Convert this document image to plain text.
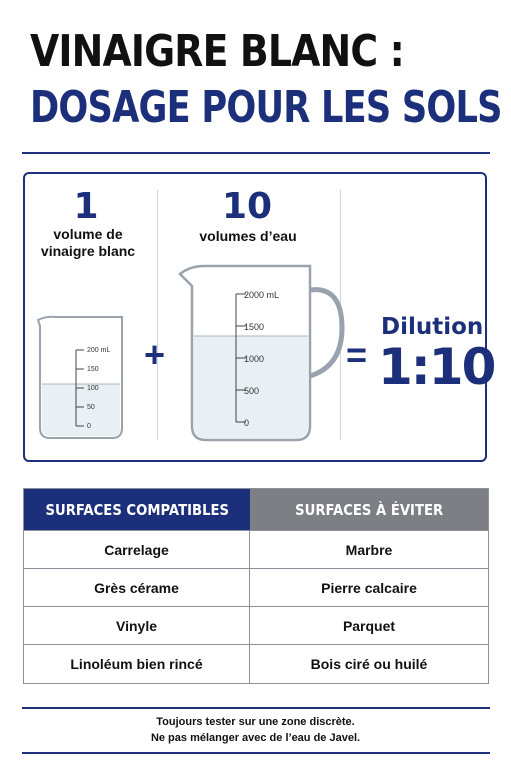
VINAIGRE BLANC :
DOSAGE POUR LES SOLS
1
volume de
vinaigre blanc
10
volumes d’eau
200 mL
150
100
50
0
+
2000 mL
1500
1000
500
0
=
Dilution
1:10
SURFACES COMPATIBLES	SURFACES À ÉVITER
Carrelage	Marbre
Grès cérame	Pierre calcaire
Vinyle	Parquet
Linoléum bien rincé	Bois ciré ou huilé
Toujours tester sur une zone discrète.
Ne pas mélanger avec de l’eau de Javel.
